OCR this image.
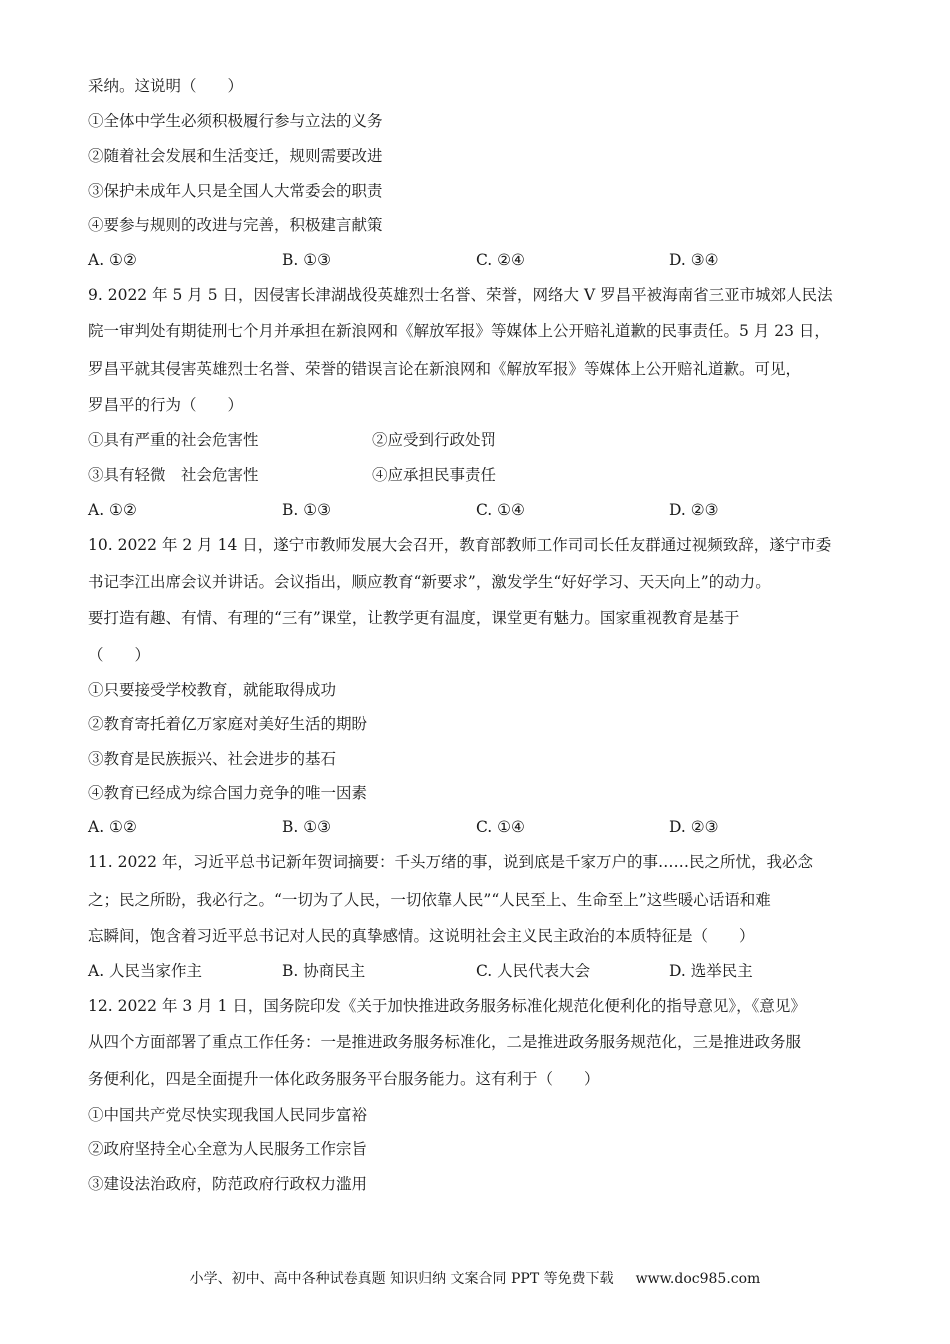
采纳。这说明（　　）
①全体中学生必须积极履行参与立法的义务
②随着社会发展和生活变迁，规则需要改进
③保护未成年人只是全国人大常委会的职责
④要参与规则的改进与完善，积极建言献策
A. ①②	B. ①③	C. ②④	D. ③④
9. 2022 年 5 月 5 日，因侵害长津湖战役英雄烈士名誉、荣誉，网络大 V 罗昌平被海南省三亚市城郊人民法
院一审判处有期徒刑七个月并承担在新浪网和《解放军报》等媒体上公开赔礼道歉的民事责任。5 月 23 日，
罗昌平就其侵害英雄烈士名誉、荣誉的错误言论在新浪网和《解放军报》等媒体上公开赔礼道歉。可见，
罗昌平的行为（　　）
①具有严重的社会危害性	②应受到行政处罚
③具有轻微　社会危害性	④应承担民事责任
A. ①②	B. ①③	C. ①④	D. ②③
10. 2022 年 2 月 14 日，遂宁市教师发展大会召开，教育部教师工作司司长任友群通过视频致辞，遂宁市委
书记李江出席会议并讲话。会议指出，顺应教育“新要求”，激发学生“好好学习、天天向上”的动力。
要打造有趣、有情、有理的“三有”课堂，让教学更有温度，课堂更有魅力。国家重视教育是基于
（　　）
①只要接受学校教育，就能取得成功
②教育寄托着亿万家庭对美好生活的期盼
③教育是民族振兴、社会进步的基石
④教育已经成为综合国力竞争的唯一因素
A. ①②	B. ①③	C. ①④	D. ②③
11. 2022 年，习近平总书记新年贺词摘要：千头万绪的事，说到底是千家万户的事……民之所忧，我必念
之；民之所盼，我必行之。“一切为了人民，一切依靠人民”“人民至上、生命至上”这些暖心话语和难
忘瞬间，饱含着习近平总书记对人民的真挚感情。这说明社会主义民主政治的本质特征是（　　）
A. 人民当家作主	B. 协商民主	C. 人民代表大会	D. 选举民主
12. 2022 年 3 月 1 日，国务院印发《关于加快推进政务服务标准化规范化便利化的指导意见》，《意见》
从四个方面部署了重点工作任务：一是推进政务服务标准化，二是推进政务服务规范化，三是推进政务服
务便利化，四是全面提升一体化政务服务平台服务能力。这有利于（　　）
①中国共产党尽快实现我国人民同步富裕
②政府坚持全心全意为人民服务工作宗旨
③建设法治政府，防范政府行政权力滥用
小学、初中、高中各种试卷真题 知识归纳 文案合同 PPT 等免费下载 www.doc985.com
